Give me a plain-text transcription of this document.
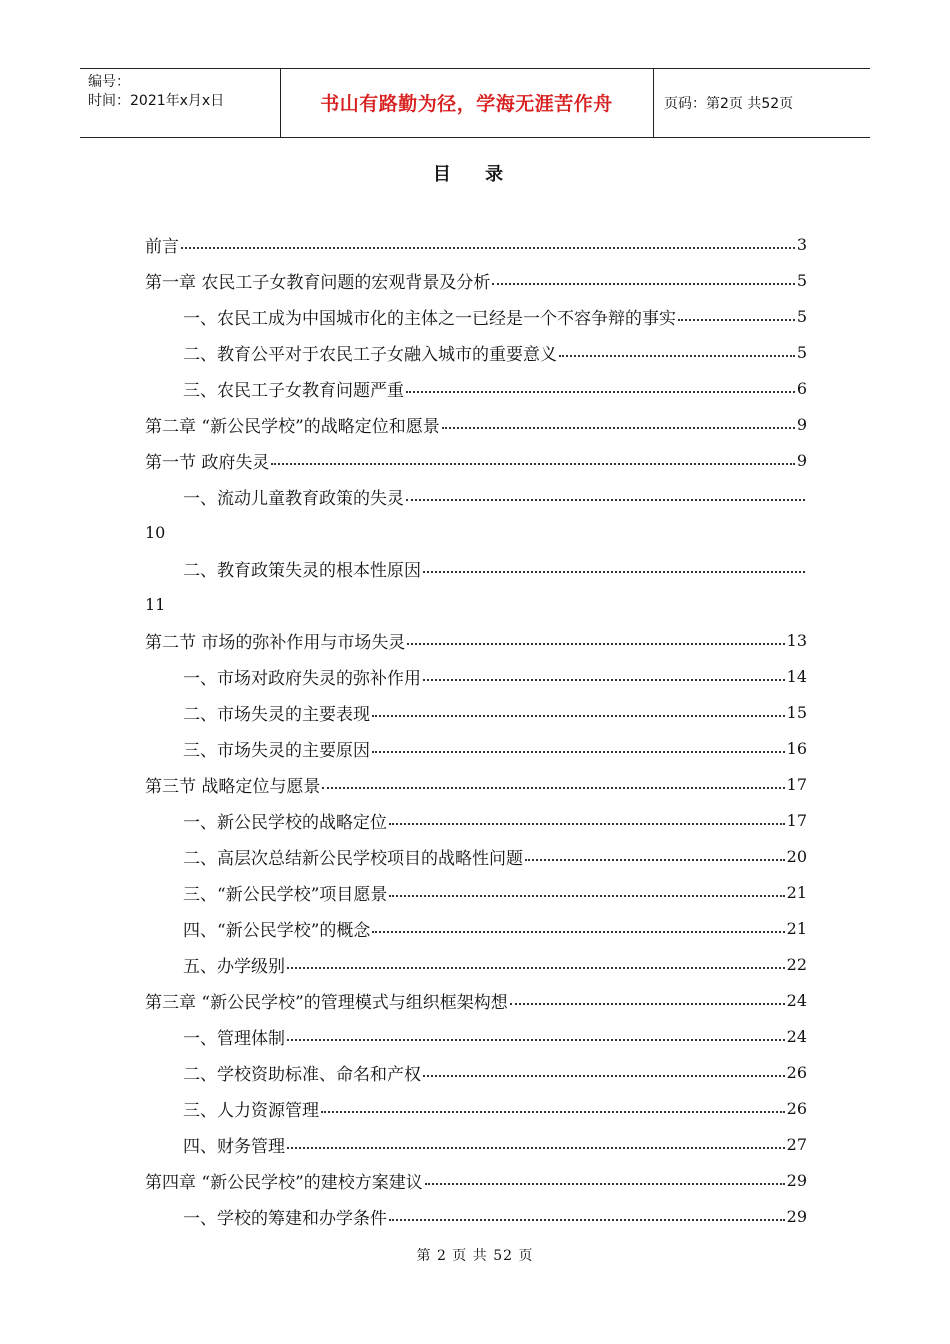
编号：
时间：2021年x月x日	书山有路勤为径，学海无涯苦作舟	页码：第2页 共52页
目 录
前言	3
第一章 农民工子女教育问题的宏观背景及分析	5
一、农民工成为中国城市化的主体之一已经是一个不容争辩的事实	5
二、教育公平对于农民工子女融入城市的重要意义	5
三、农民工子女教育问题严重	6
第二章 “新公民学校”的战略定位和愿景	9
第一节 政府失灵	9
一、流动儿童教育政策的失灵
10
二、教育政策失灵的根本性原因
11
第二节 市场的弥补作用与市场失灵	13
一、市场对政府失灵的弥补作用	14
二、市场失灵的主要表现	15
三、市场失灵的主要原因	16
第三节 战略定位与愿景	17
一、新公民学校的战略定位	17
二、高层次总结新公民学校项目的战略性问题	20
三、“新公民学校”项目愿景	21
四、“新公民学校”的概念	21
五、办学级别	22
第三章 “新公民学校”的管理模式与组织框架构想	24
一、管理体制	24
二、学校资助标准、命名和产权	26
三、人力资源管理	26
四、财务管理	27
第四章 “新公民学校”的建校方案建议	29
一、学校的筹建和办学条件	29
第 2 页 共 52 页
